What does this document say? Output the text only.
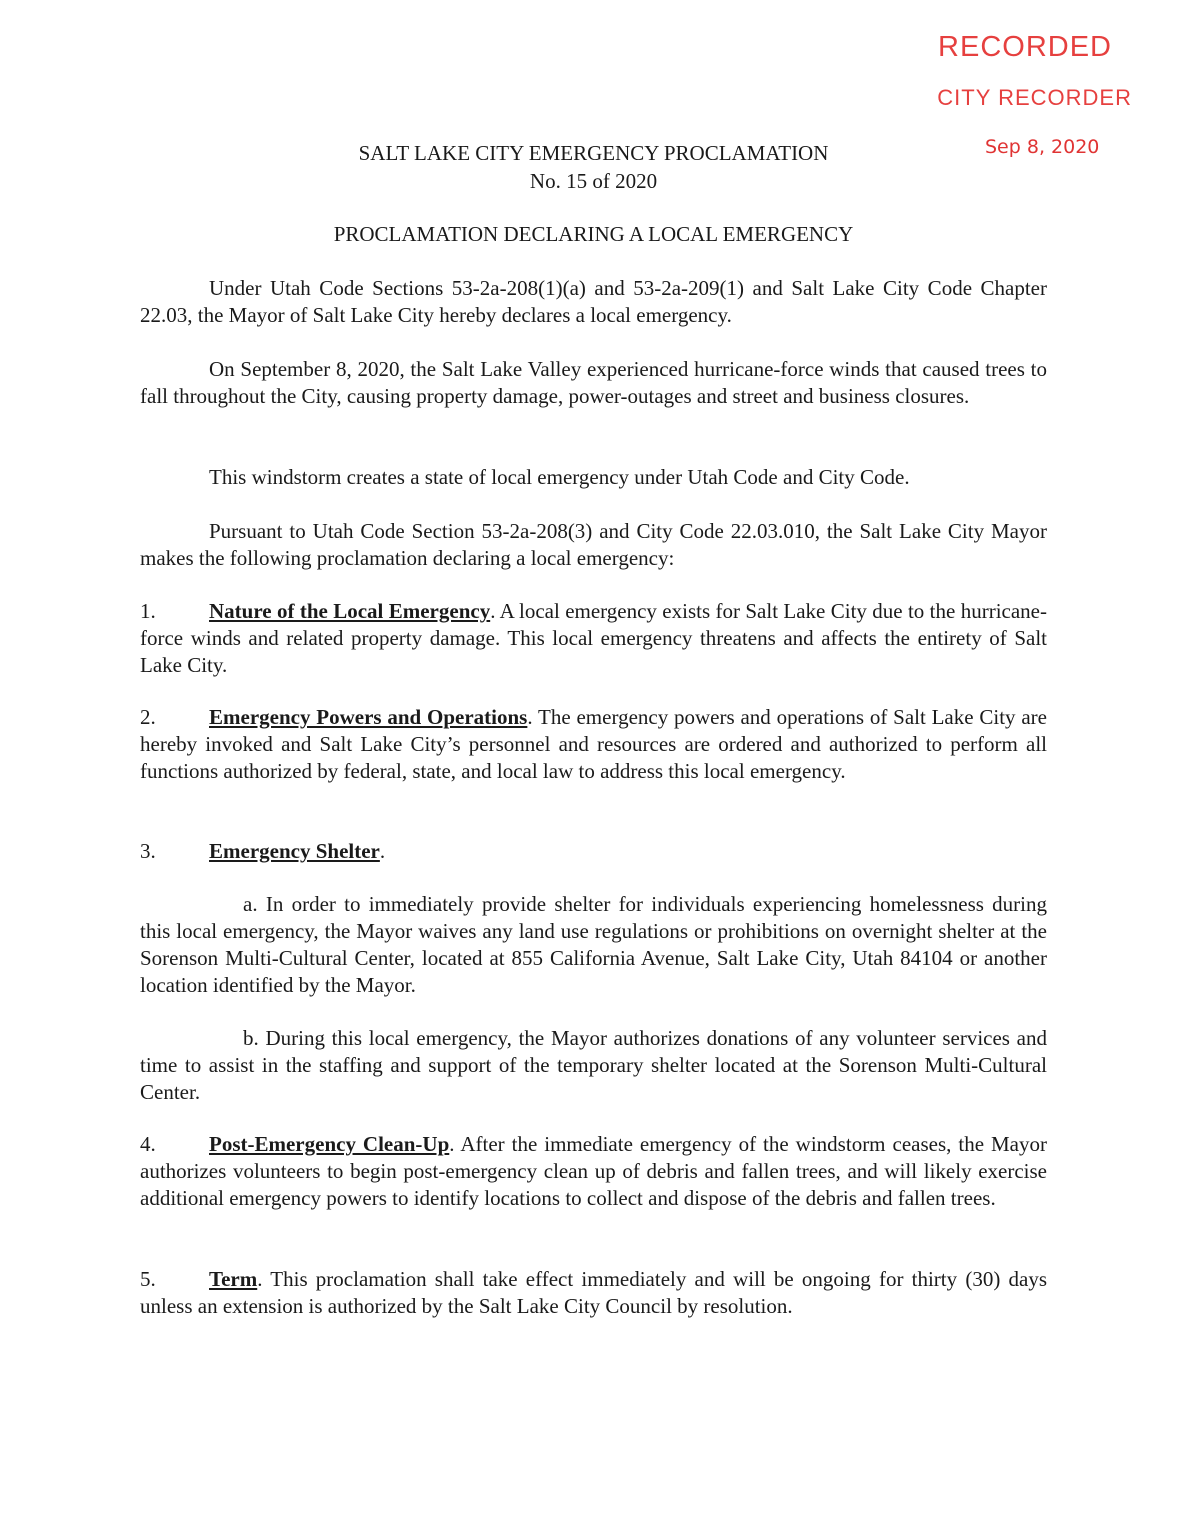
RECORDED
CITY RECORDER
Sep 8, 2020
SALT LAKE CITY EMERGENCY PROCLAMATION
No. 15 of 2020
PROCLAMATION DECLARING A LOCAL EMERGENCY

Under Utah Code Sections 53-2a-208(1)(a) and 53-2a-209(1) and Salt Lake City Code Chapter 22.03, the Mayor of Salt Lake City hereby declares a local emergency.

On September 8, 2020, the Salt Lake Valley experienced hurricane-force winds that caused trees to fall throughout the City, causing property damage, power-outages and street and business closures.

This windstorm creates a state of local emergency under Utah Code and City Code.

Pursuant to Utah Code Section 53-2a-208(3) and City Code 22.03.010, the Salt Lake City Mayor makes the following proclamation declaring a local emergency:

1.	Nature of the Local Emergency. A local emergency exists for Salt Lake City due to the hurricane-force winds and related property damage. This local emergency threatens and affects the entirety of Salt Lake City.

2.	Emergency Powers and Operations. The emergency powers and operations of Salt Lake City are hereby invoked and Salt Lake City’s personnel and resources are ordered and authorized to perform all functions authorized by federal, state, and local law to address this local emergency.

3.	Emergency Shelter.

a. In order to immediately provide shelter for individuals experiencing homelessness during this local emergency, the Mayor waives any land use regulations or prohibitions on overnight shelter at the Sorenson Multi-Cultural Center, located at 855 California Avenue, Salt Lake City, Utah 84104 or another location identified by the Mayor.

b. During this local emergency, the Mayor authorizes donations of any volunteer services and time to assist in the staffing and support of the temporary shelter located at the Sorenson Multi-Cultural Center.

4.	Post-Emergency Clean-Up. After the immediate emergency of the windstorm ceases, the Mayor authorizes volunteers to begin post-emergency clean up of debris and fallen trees, and will likely exercise additional emergency powers to identify locations to collect and dispose of the debris and fallen trees.

5.	Term. This proclamation shall take effect immediately and will be ongoing for thirty (30) days unless an extension is authorized by the Salt Lake City Council by resolution.
